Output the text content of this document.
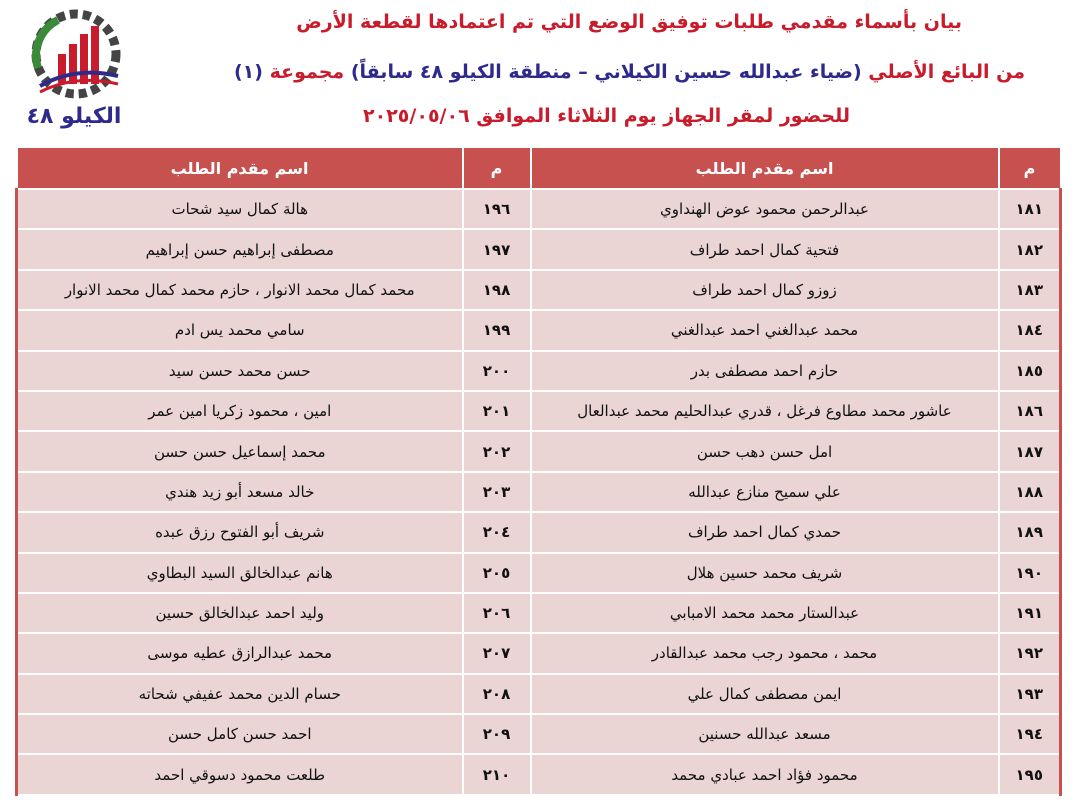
الكيلو ٤٨
بيان بأسماء مقدمي طلبات توفيق الوضع التي تم اعتمادها لقطعة الأرض
من البائع الأصلي (ضياء عبدالله حسين الكيلاني – منطقة الكيلو ٤٨ سابقاً) مجموعة (١)
للحضور لمقر الجهاز يوم الثلاثاء الموافق ٢٠٢٥/٠٥/٠٦
م	اسم مقدم الطلب	م	اسم مقدم الطلب
١٨١	عبدالرحمن محمود عوض الهنداوي	١٩٦	هالة كمال سيد شحات
١٨٢	فتحية كمال احمد طراف	١٩٧	مصطفى إبراهيم حسن إبراهيم
١٨٣	زوزو كمال احمد طراف	١٩٨	محمد كمال محمد الانوار ، حازم محمد كمال محمد الانوار
١٨٤	محمد عبدالغني احمد عبدالغني	١٩٩	سامي محمد يس ادم
١٨٥	حازم احمد مصطفى بدر	٢٠٠	حسن محمد حسن سيد
١٨٦	عاشور محمد مطاوع فرغل ، قدري عبدالحليم محمد عبدالعال	٢٠١	امين ، محمود زكريا امين عمر
١٨٧	امل حسن دهب حسن	٢٠٢	محمد إسماعيل حسن حسن
١٨٨	علي سميح منازع عبدالله	٢٠٣	خالد مسعد أبو زيد هندي
١٨٩	حمدي كمال احمد طراف	٢٠٤	شريف أبو الفتوح رزق عبده
١٩٠	شريف محمد حسين هلال	٢٠٥	هانم عبدالخالق السيد البطاوي
١٩١	عبدالستار محمد محمد الامبابي	٢٠٦	وليد احمد عبدالخالق حسين
١٩٢	محمد ، محمود رجب محمد عبدالقادر	٢٠٧	محمد عبدالرازق عطيه موسى
١٩٣	ايمن مصطفى كمال علي	٢٠٨	حسام الدين محمد عفيفي شحاته
١٩٤	مسعد عبدالله حسنين	٢٠٩	احمد حسن كامل حسن
١٩٥	محمود فؤاد احمد عبادي محمد	٢١٠	طلعت محمود دسوقي احمد
